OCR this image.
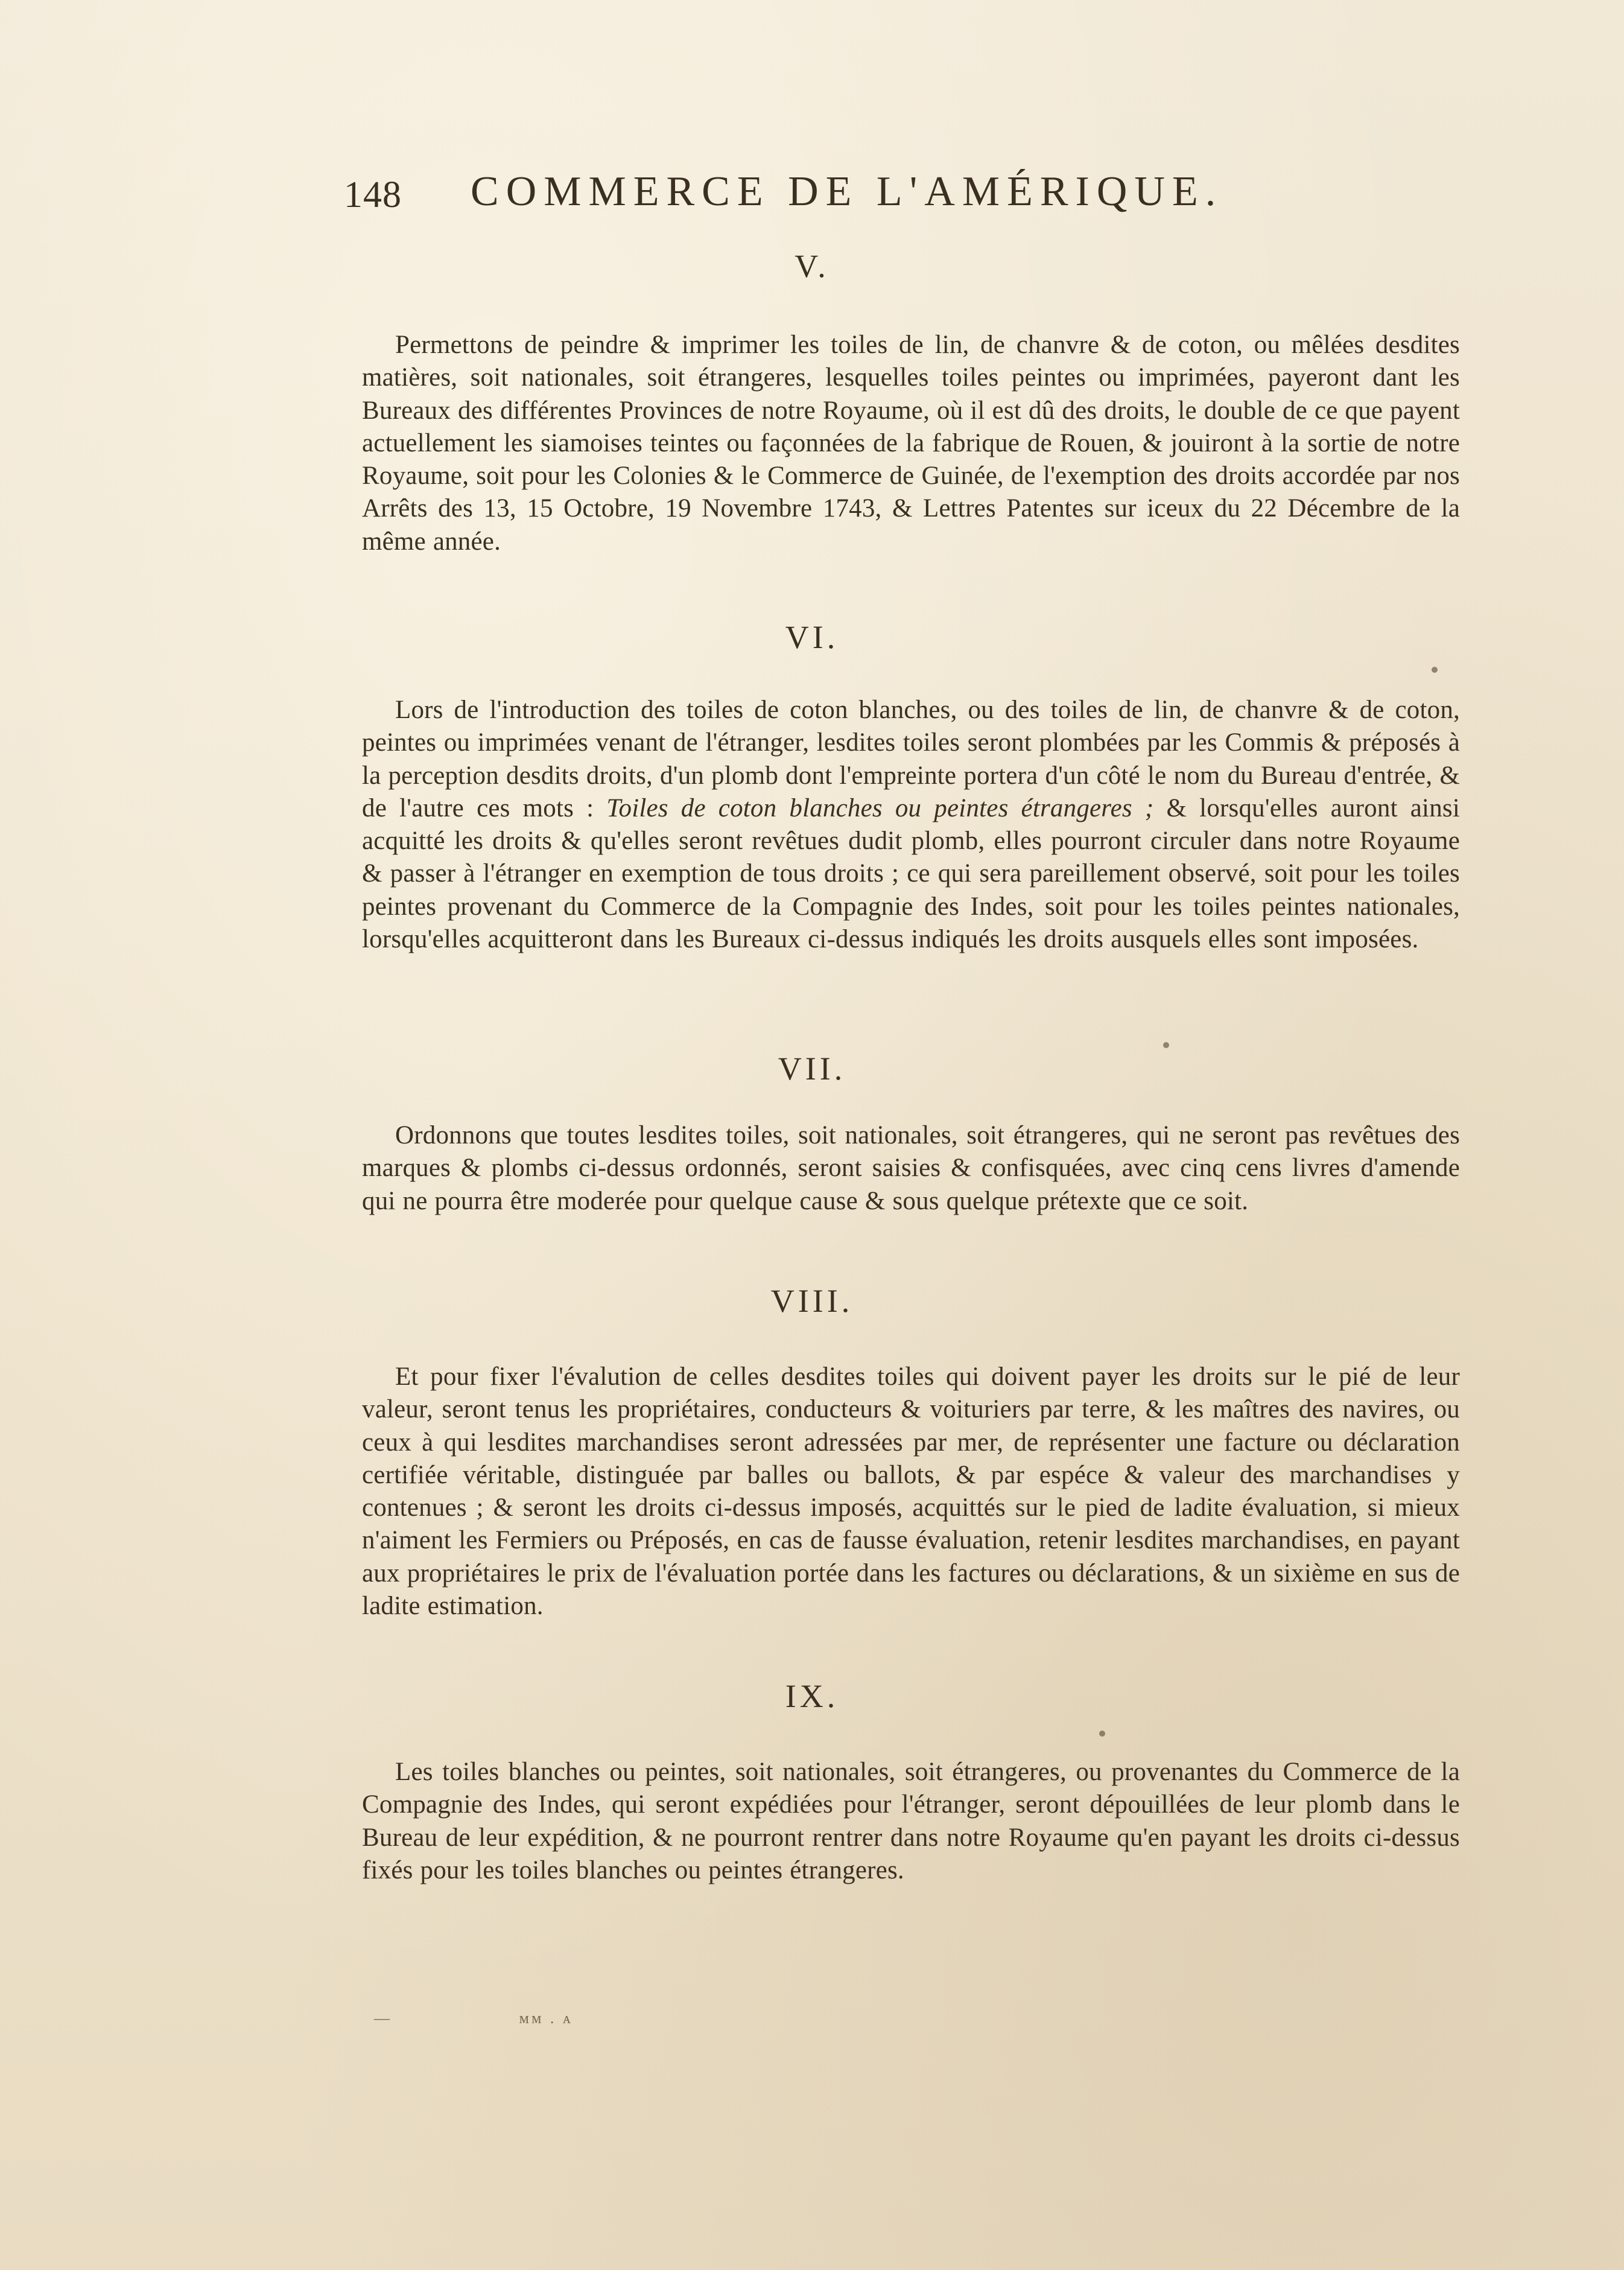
148 COMMERCE DE L'AMÉRIQUE.
V.

Permettons de peindre & imprimer les toiles de lin, de chanvre & de coton, ou mêlées desdites matières, soit nationales, soit étrangeres, lesquelles toiles peintes ou imprimées, payeront dant les Bureaux des différentes Provinces de notre Royaume, où il est dû des droits, le double de ce que payent actuellement les siamoises teintes ou façonnées de la fabrique de Rouen, & jouiront à la sortie de notre Royaume, soit pour les Colonies & le Commerce de Guinée, de l'exemption des droits accordée par nos Arrêts des 13, 15 Octobre, 19 Novembre 1743, & Lettres Patentes sur iceux du 22 Décembre de la même année.

VI.

Lors de l'introduction des toiles de coton blanches, ou des toiles de lin, de chanvre & de coton, peintes ou imprimées venant de l'étranger, lesdites toiles seront plombées par les Commis & préposés à la perception desdits droits, d'un plomb dont l'empreinte portera d'un côté le nom du Bureau d'entrée, & de l'autre ces mots : Toiles de coton blanches ou peintes étrangeres ; & lorsqu'elles auront ainsi acquitté les droits & qu'elles seront revêtues dudit plomb, elles pourront circuler dans notre Royaume & passer à l'étranger en exemption de tous droits ; ce qui sera pareillement observé, soit pour les toiles peintes provenant du Commerce de la Compagnie des Indes, soit pour les toiles peintes nationales, lorsqu'elles acquitteront dans les Bureaux ci-dessus indiqués les droits ausquels elles sont imposées.

VII.

Ordonnons que toutes lesdites toiles, soit nationales, soit étrangeres, qui ne seront pas revêtues des marques & plombs ci-dessus ordonnés, seront saisies & confisquées, avec cinq cens livres d'amende qui ne pourra être moderée pour quelque cause & sous quelque prétexte que ce soit.

VIII.

Et pour fixer l'évalution de celles desdites toiles qui doivent payer les droits sur le pié de leur valeur, seront tenus les propriétaires, conducteurs & voituriers par terre, & les maîtres des navires, ou ceux à qui lesdites marchandises seront adressées par mer, de représenter une facture ou déclaration certifiée véritable, distinguée par balles ou ballots, & par espéce & valeur des marchandises y contenues ; & seront les droits ci-dessus imposés, acquittés sur le pied de ladite évaluation, si mieux n'aiment les Fermiers ou Préposés, en cas de fausse évaluation, retenir lesdites marchandises, en payant aux propriétaires le prix de l'évaluation portée dans les factures ou déclarations, & un sixième en sus de ladite estimation.

IX.

Les toiles blanches ou peintes, soit nationales, soit étrangeres, ou provenantes du Commerce de la Compagnie des Indes, qui seront expédiées pour l'étranger, seront dépouillées de leur plomb dans le Bureau de leur expédition, & ne pourront rentrer dans notre Royaume qu'en payant les droits ci-dessus fixés pour les toiles blanches ou peintes étrangeres.

—	ᴍᴍ . ᴀ
